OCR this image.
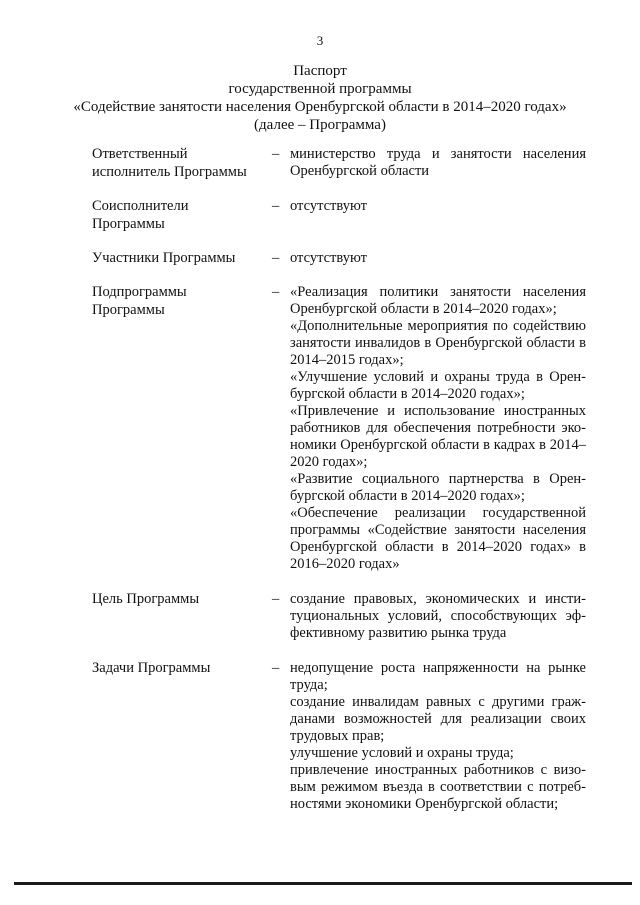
3
Паспорт
государственной программы
«Содействие занятости населения Оренбургской области в 2014–2020 годах»
(далее – Программа)
Ответственный исполнитель Программы
– министерство труда и занятости населения Оренбургской области

Соисполнители Программы
– отсутствуют

Участники Программы	– отсутствуют

Подпрограммы Программы
– «Реализация политики занятости населения Оренбургской области в 2014–2020 годах»;

«Дополнительные мероприятия по содействию занятости инвалидов в Оренбургской области в 2014–2015 годах»;

«Улучшение условий и охраны труда в Оренбургской области в 2014–2020 годах»;

«Привлечение и использование иностранных работников для обеспечения потребности экономики Оренбургской области в кадрах в 2014–2020 годах»;

«Развитие социального партнерства в Оренбургской области в 2014–2020 годах»;

«Обеспечение реализации государственной программы «Содействие занятости населения Оренбургской области в 2014–2020 годах» в 2016–2020 годах»

Цель Программы	– создание правовых, экономических и институциональных условий, способствующих эффективному развитию рынка труда

Задачи Программы	– недопущение роста напряженности на рынке труда;

создание инвалидам равных с другими гражданами возможностей для реализации своих трудовых прав;

улучшение условий и охраны труда;

привлечение иностранных работников с визовым режимом въезда в соответствии с потребностями экономики Оренбургской области;
